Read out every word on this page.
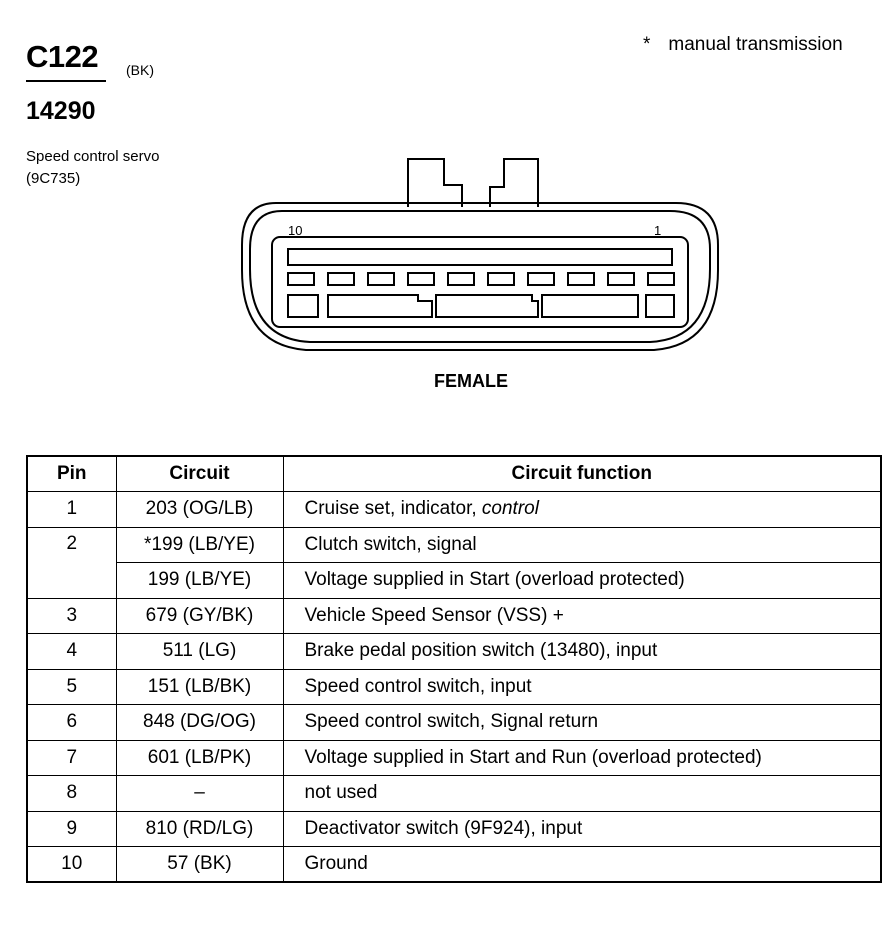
C122 (BK)
14290
Speed control servo
(9C735)
* manual transmission
10	1
FEMALE
Pin	Circuit	Circuit function
1	203 (OG/LB)	Cruise set, indicator, control
2	*199 (LB/YE)	Clutch switch, signal
	199 (LB/YE)	Voltage supplied in Start (overload protected)
3	679 (GY/BK)	Vehicle Speed Sensor (VSS) +
4	511 (LG)	Brake pedal position switch (13480), input
5	151 (LB/BK)	Speed control switch, input
6	848 (DG/OG)	Speed control switch, Signal return
7	601 (LB/PK)	Voltage supplied in Start and Run (overload protected)
8	–	not used
9	810 (RD/LG)	Deactivator switch (9F924), input
10	57 (BK)	Ground
